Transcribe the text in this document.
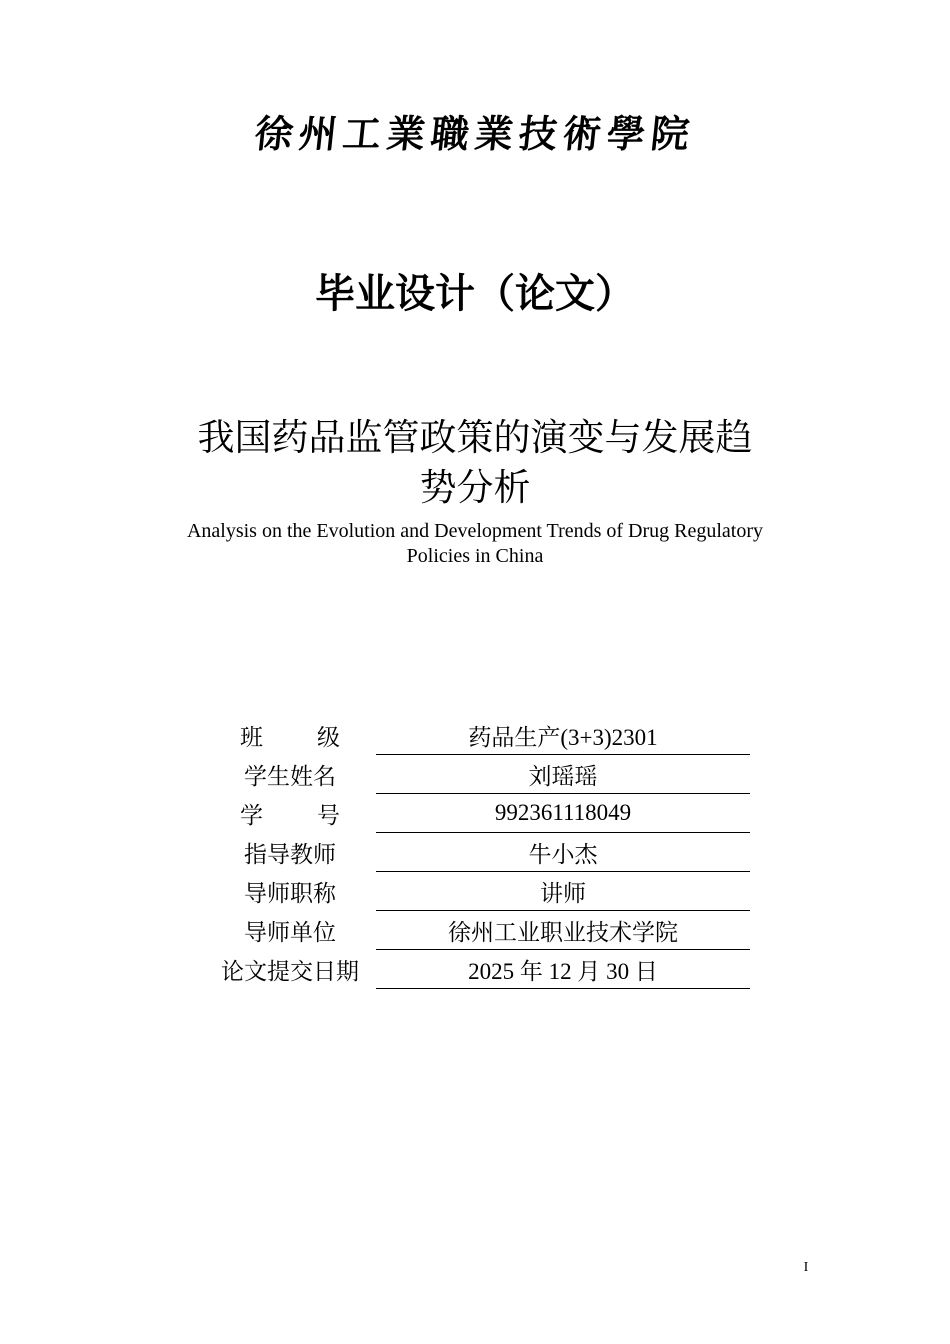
徐州工業職業技術學院
毕业设计（论文）
我国药品监管政策的演变与发展趋
势分析
Analysis on the Evolution and Development Trends of Drug Regulatory
Policies in China
班级	药品生产(3+3)2301
学生姓名	刘瑶瑶
学号	992361118049
指导教师	牛小杰
导师职称	讲师
导师单位	徐州工业职业技术学院
论文提交日期	2025 年 12 月 30 日
I
